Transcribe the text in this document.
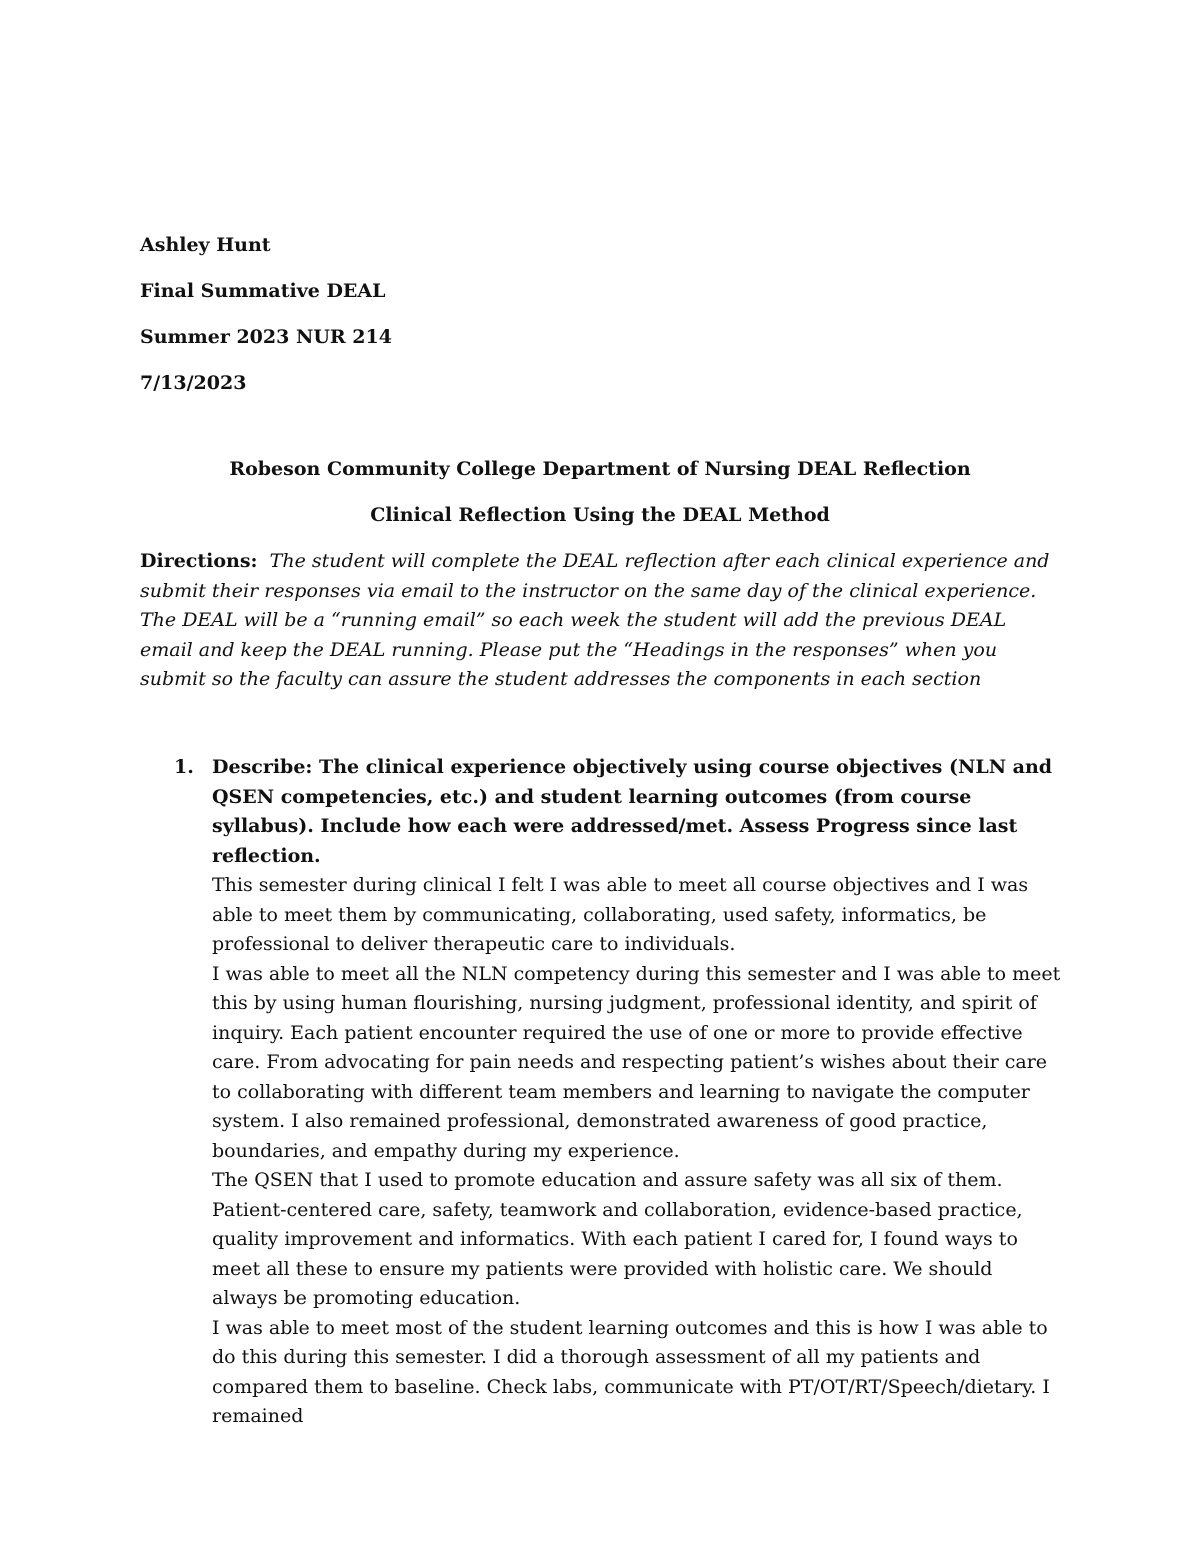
Ashley Hunt
Final Summative DEAL
Summer 2023 NUR 214
7/13/2023
Robeson Community College Department of Nursing DEAL Reflection
Clinical Reflection Using the DEAL Method
Directions: The student will complete the DEAL reflection after each clinical experience and submit their responses via email to the instructor on the same day of the clinical experience. The DEAL will be a “running email” so each week the student will add the previous DEAL email and keep the DEAL running. Please put the “Headings in the responses” when you submit so the faculty can assure the student addresses the components in each section
1. Describe: The clinical experience objectively using course objectives (NLN and QSEN competencies, etc.) and student learning outcomes (from course syllabus). Include how each were addressed/met. Assess Progress since last reflection.

This semester during clinical I felt I was able to meet all course objectives and I was able to meet them by communicating, collaborating, used safety, informatics, be professional to deliver therapeutic care to individuals.

I was able to meet all the NLN competency during this semester and I was able to meet this by using human flourishing, nursing judgment, professional identity, and spirit of inquiry. Each patient encounter required the use of one or more to provide effective care. From advocating for pain needs and respecting patient’s wishes about their care to collaborating with different team members and learning to navigate the computer system. I also remained professional, demonstrated awareness of good practice, boundaries, and empathy during my experience.

The QSEN that I used to promote education and assure safety was all six of them. Patient-centered care, safety, teamwork and collaboration, evidence-based practice, quality improvement and informatics. With each patient I cared for, I found ways to meet all these to ensure my patients were provided with holistic care. We should always be promoting education.

I was able to meet most of the student learning outcomes and this is how I was able to do this during this semester. I did a thorough assessment of all my patients and compared them to baseline. Check labs, communicate with PT/OT/RT/Speech/dietary. I remained
